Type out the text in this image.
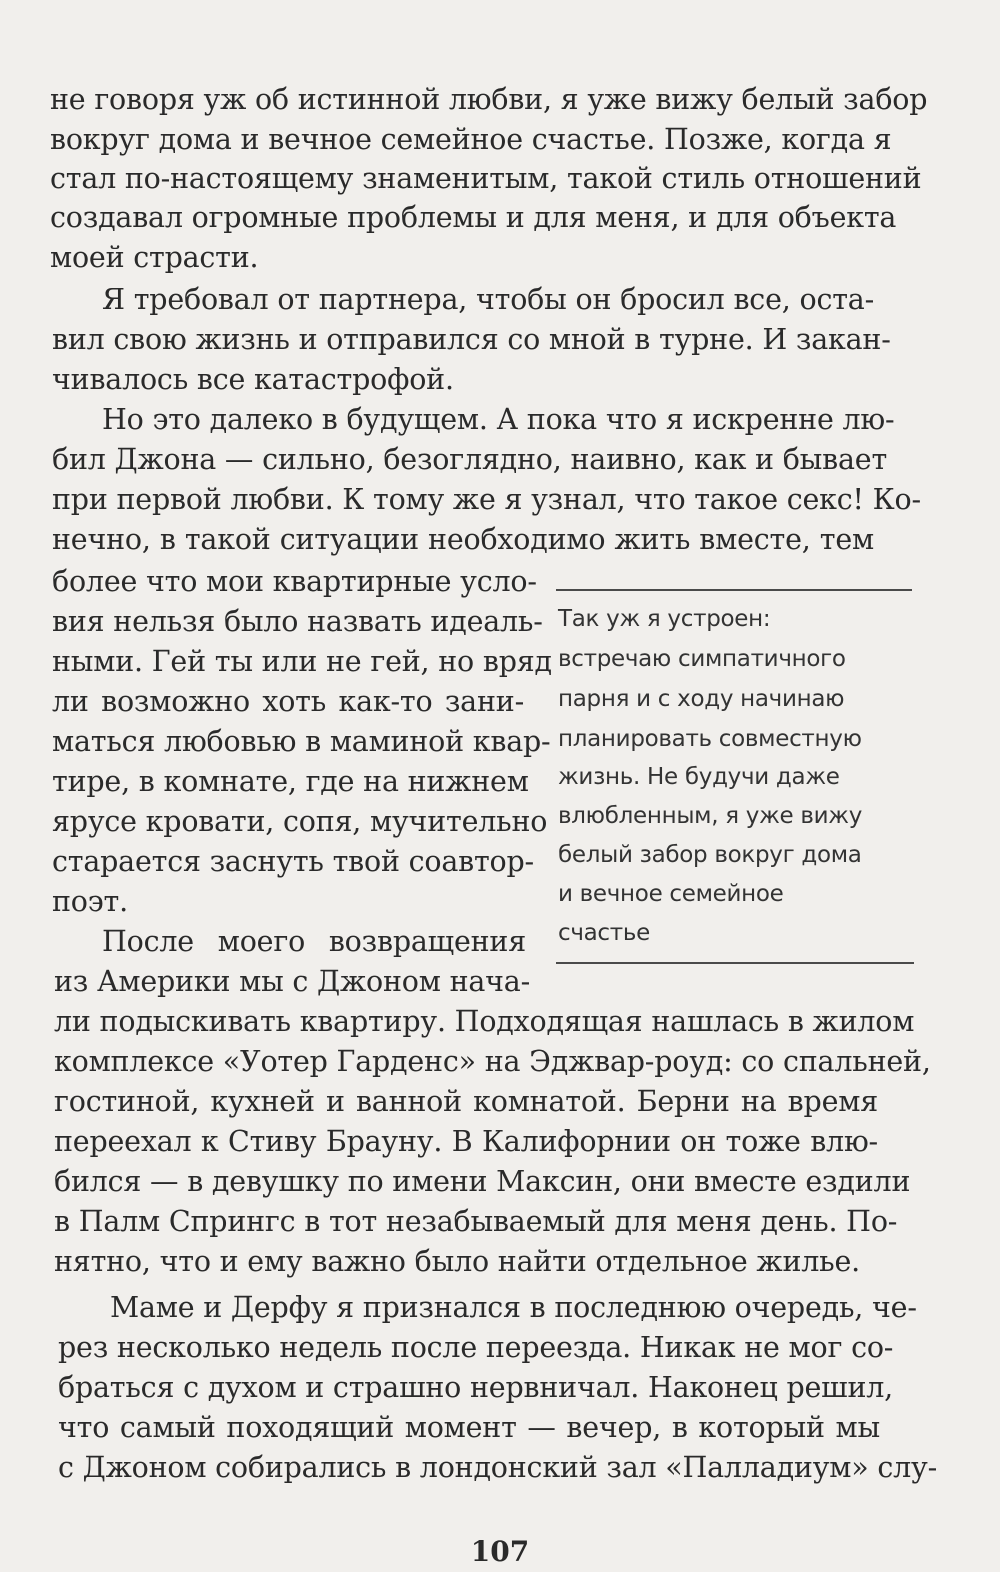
не говоря уж об истинной любви, я уже вижу белый забор
вокруг дома и вечное семейное счастье. Позже, когда я
стал по-настоящему знаменитым, такой стиль отношений
создавал огромные проблемы и для меня, и для объекта
моей страсти.
Я требовал от партнера, чтобы он бросил все, оста-
вил свою жизнь и отправился со мной в турне. И закан-
чивалось все катастрофой.
Но это далеко в будущем. А пока что я искренне лю-
бил Джона — сильно, безоглядно, наивно, как и бывает
при первой любви. К тому же я узнал, что такое секс! Ко-
нечно, в такой ситуации необходимо жить вместе, тем
более что мои квартирные усло-
вия нельзя было назвать идеаль-
ными. Гей ты или не гей, но вряд
ли возможно хоть как-то зани-
маться любовью в маминой квар-
тире, в комнате, где на нижнем
ярусе кровати, сопя, мучительно
старается заснуть твой соавтор-
поэт.
После моего возвращения
Так уж я устроен:
встречаю симпатичного
парня и с ходу начинаю
планировать совместную
жизнь. Не будучи даже
влюбленным, я уже вижу
белый забор вокруг дома
и вечное семейное
счастье
из Америки мы с Джоном нача-
ли подыскивать квартиру. Подходящая нашлась в жилом
комплексе «Уотер Гарденс» на Эджвар-роуд: со спальней,
гостиной, кухней и ванной комнатой. Берни на время
переехал к Стиву Брауну. В Калифорнии он тоже влю-
бился — в девушку по имени Максин, они вместе ездили
в Палм Спрингс в тот незабываемый для меня день. По-
нятно, что и ему важно было найти отдельное жилье.
Маме и Дерфу я признался в последнюю очередь, че-
рез несколько недель после переезда. Никак не мог со-
браться с духом и страшно нервничал. Наконец решил,
что самый походящий момент — вечер, в который мы
с Джоном собирались в лондонский зал «Палладиум» слу-
107
